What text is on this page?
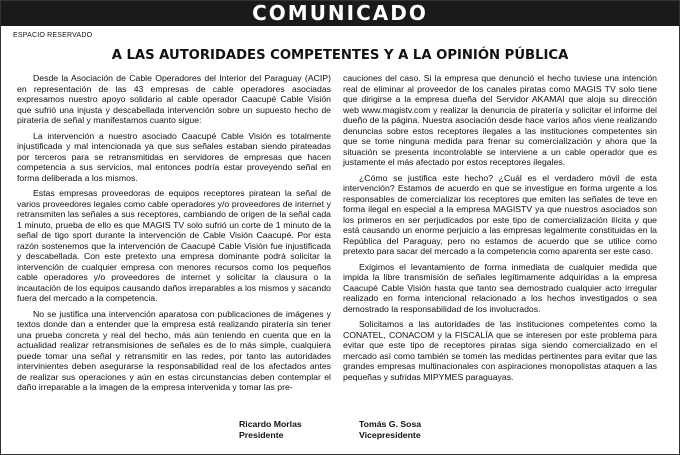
COMUNICADO
ESPACIO RESERVADO
A LAS AUTORIDADES COMPETENTES Y A LA OPINIÓN PÚBLICA

Desde la Asociación de Cable Operadores del Interior del Paraguay (ACIP) en representación de las 43 empresas de cable operadores asociadas expresamos nuestro apoyo solidario al cable operador Caacupé Cable Visión que sufrió una injusta y descabellada intervención sobre un supuesto hecho de piratería de señal y manifestamos cuanto sigue:

La intervención a nuestro asociado Caacupé Cable Visión es totalmente injustificada y mal intencionada ya que sus señales estaban siendo pirateadas por terceros para se retransmitidas en servidores de empresas que hacen competencia a sus servicios, mal entonces podría estar proveyendo señal en forma deliberada a los mismos.

Estas empresas proveedoras de equipos receptores piratean la señal de varios proveedores legales como cable operadores y/o proveedores de internet y retransmiten las señales a sus receptores, cambiando de origen de la señal cada 1 minuto, prueba de ello es que MAGIS TV solo sufrió un corte de 1 minuto de la señal de tigo sport durante la intervención de Cable Visión Caacupé. Por esta razón sostenemos que la intervención de Caacupé Cable Visión fue injustificada y descabellada. Con este pretexto una empresa dominante podrá solicitar la intervención de cualquier empresa con menores recursos como los pequeños cable operadores y/o proveedores de internet y solicitar la clausura o la incautación de los equipos causando daños irreparables a los mismos y sacando fuera del mercado a la competencia.

No se justifica una intervención aparatosa con publicaciones de imágenes y textos donde dan a entender que la empresa está realizando piratería sin tener una prueba concreta y real del hecho, más aún teniendo en cuenta que en la actualidad realizar retransmisiones de señales es de lo más simple, cualquiera puede tomar una señal y retransmitir en las redes, por tanto las autoridades intervinientes deben asegurarse la responsabilidad real de los afectados antes de realizar sus operaciones y aún en estas circunstancias deben contemplar el daño irreparable a la imagen de la empresa intervenida y tomar las pre-

cauciones del caso. Si la empresa que denunció el hecho tuviese una intención real de eliminar al proveedor de los canales piratas como MAGIS TV solo tiene que dirigirse a la empresa dueña del Servidor AKAMAI que aloja su dirección web www.magistv.com y realizar la denuncia de piratería y solicitar el informe del dueño de la página. Nuestra asociación desde hace varios años viene realizando denuncias sobre estos receptores ilegales a las instituciones competentes sin que se tome ninguna medida para frenar su comercialización y ahora que la situación se presenta incontrolable se interviene a un cable operador que es justamente el más afectado por estos receptores ilegales.

¿Cómo se justifica este hecho? ¿Cuál es el verdadero móvil de esta intervención? Estamos de acuerdo en que se investigue en forma urgente a los responsables de comercializar los receptores que emiten las señales de teve en forma ilegal en especial a la empresa MAGISTV ya que nuestros asociados son los primeros en ser perjudicados por este tipo de comercialización ilícita y que está causando un enorme perjuicio a las empresas legalmente constituidas en la República del Paraguay, pero no estamos de acuerdo que se utilice como pretexto para sacar del mercado a la competencia como aparenta ser este caso.

Exigimos el levantamiento de forma inmediata de cualquier medida que impida la libre transmisión de señales legítimamente adquiridas a la empresa Caacupé Cable Visión hasta que tanto sea demostrado cualquier acto irregular realizado en forma intencional relacionado a los hechos investigados o sea demostrado la responsabilidad de los involucrados.

Solicitamos a las autoridades de las instituciones competentes como la CONATEL, CONACOM y la FISCALÍA que se interesen por este problema para evitar que este tipo de receptores piratas siga siendo comercializado en el mercado así como también se tomen las medidas pertinentes para evitar que las grandes empresas multinacionales con aspiraciones monopolistas ataquen a las pequeñas y sufridas MIPYMES paraguayas.

Ricardo Morlas
Presidente
Tomás G. Sosa
Vicepresidente
